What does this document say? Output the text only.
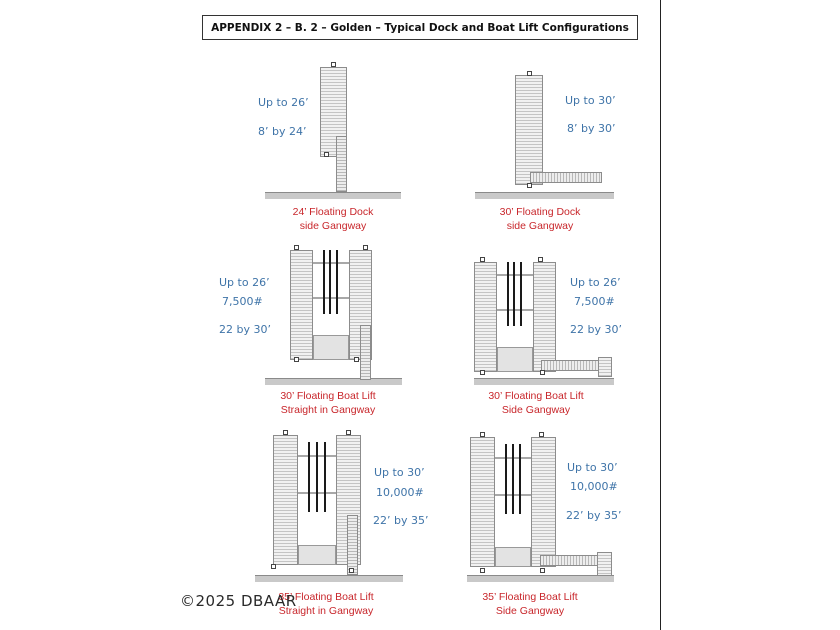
APPENDIX 2 – B. 2 – Golden – Typical Dock and Boat Lift Configurations
Up to 26’
8’ by 24’
24’ Floating Dock
side Gangway
Up to 30’
8’ by 30’
30’ Floating Dock
side Gangway
Up to 26’
7,500#
22 by 30’
30’ Floating Boat Lift
Straight in Gangway
Up to 26’
7,500#
22 by 30’
30’ Floating Boat Lift
Side Gangway
Up to 30’
10,000#
22’ by 35’
35’ Floating Boat Lift
Straight in Gangway
Up to 30’
10,000#
22’ by 35’
35’ Floating Boat Lift
Side Gangway
©2025 DBAAR
